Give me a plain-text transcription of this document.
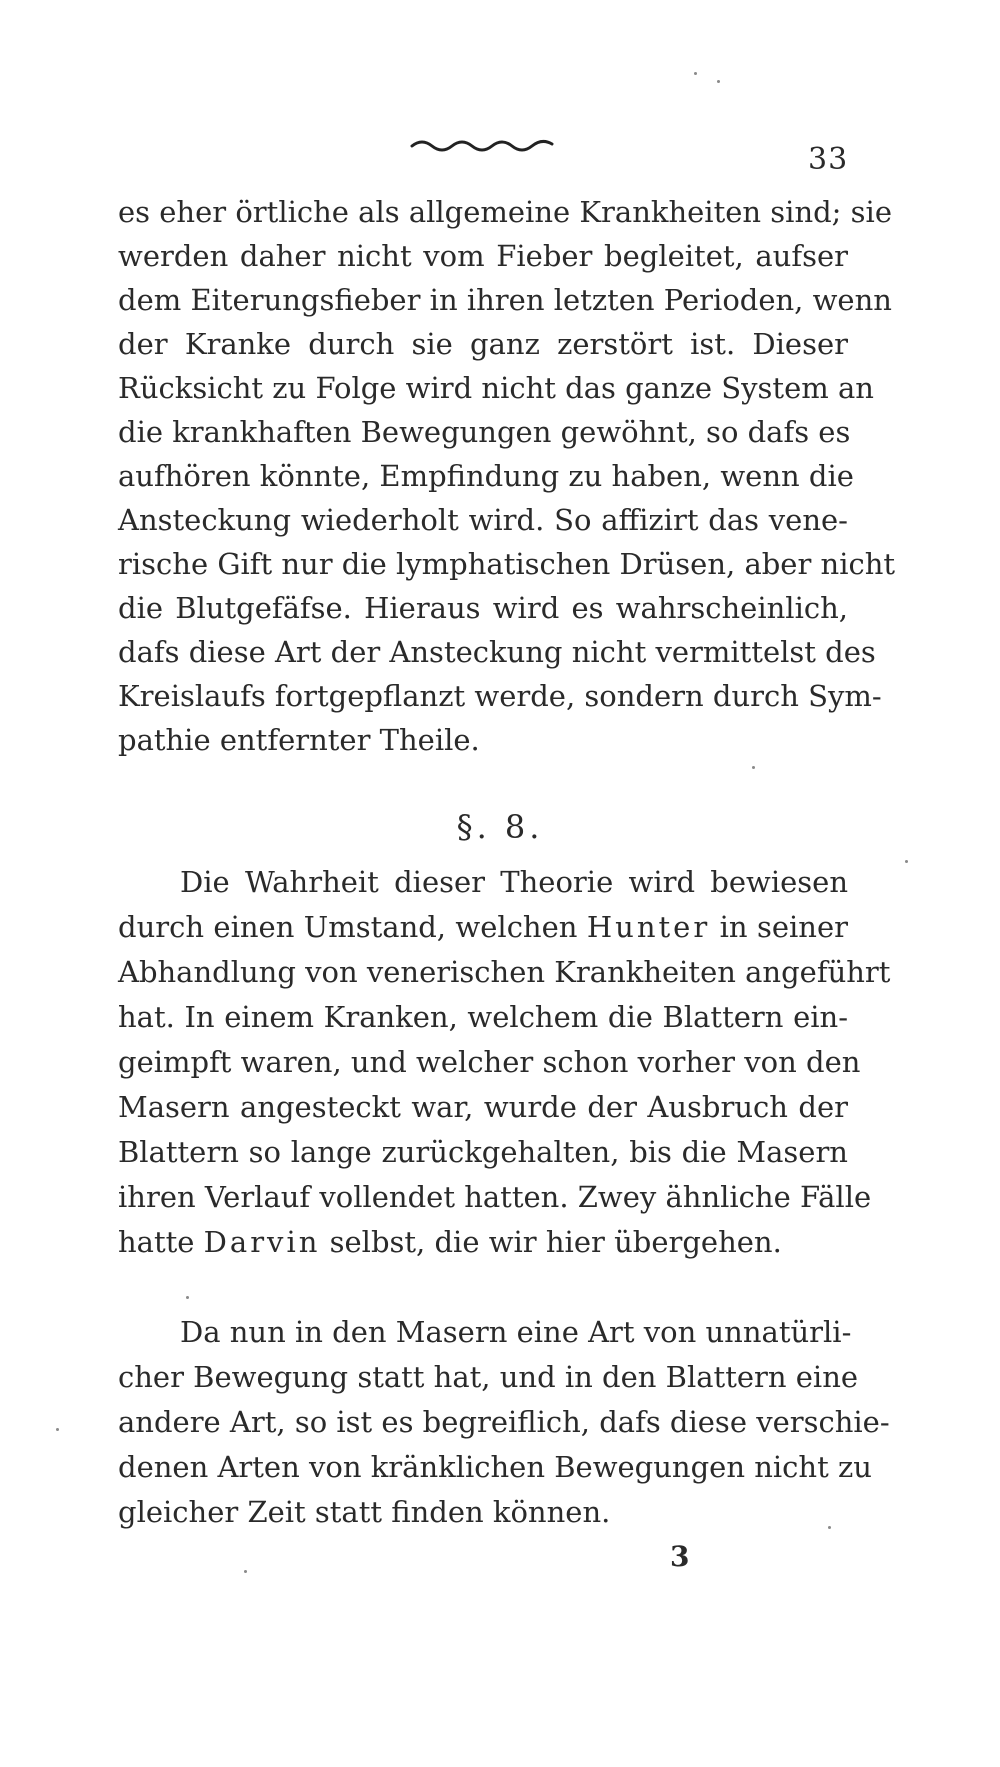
33
es eher örtliche als allgemeine Krankheiten sind; sie
werden daher nicht vom Fieber begleitet, aufser
dem Eiterungsfieber in ihren letzten Perioden, wenn
der Kranke durch sie ganz zerstört ist. Dieser
Rücksicht zu Folge wird nicht das ganze System an
die krankhaften Bewegungen gewöhnt, so dafs es
aufhören könnte, Empfindung zu haben, wenn die
Ansteckung wiederholt wird. So affizirt das vene-
rische Gift nur die lymphatischen Drüsen, aber nicht
die Blutgefäfse. Hieraus wird es wahrscheinlich,
dafs diese Art der Ansteckung nicht vermittelst des
Kreislaufs fortgepflanzt werde, sondern durch Sym-
pathie entfernter Theile.
§. 8.
Die Wahrheit dieser Theorie wird bewiesen
durch einen Umstand, welchen Hunter in seiner
Abhandlung von venerischen Krankheiten angeführt
hat. In einem Kranken, welchem die Blattern ein-
geimpft waren, und welcher schon vorher von den
Masern angesteckt war, wurde der Ausbruch der
Blattern so lange zurückgehalten, bis die Masern
ihren Verlauf vollendet hatten. Zwey ähnliche Fälle
hatte Darvin selbst, die wir hier übergehen.
Da nun in den Masern eine Art von unnatürli-
cher Bewegung statt hat, und in den Blattern eine
andere Art, so ist es begreiflich, dafs diese verschie-
denen Arten von kränklichen Bewegungen nicht zu
gleicher Zeit statt finden können.
3
